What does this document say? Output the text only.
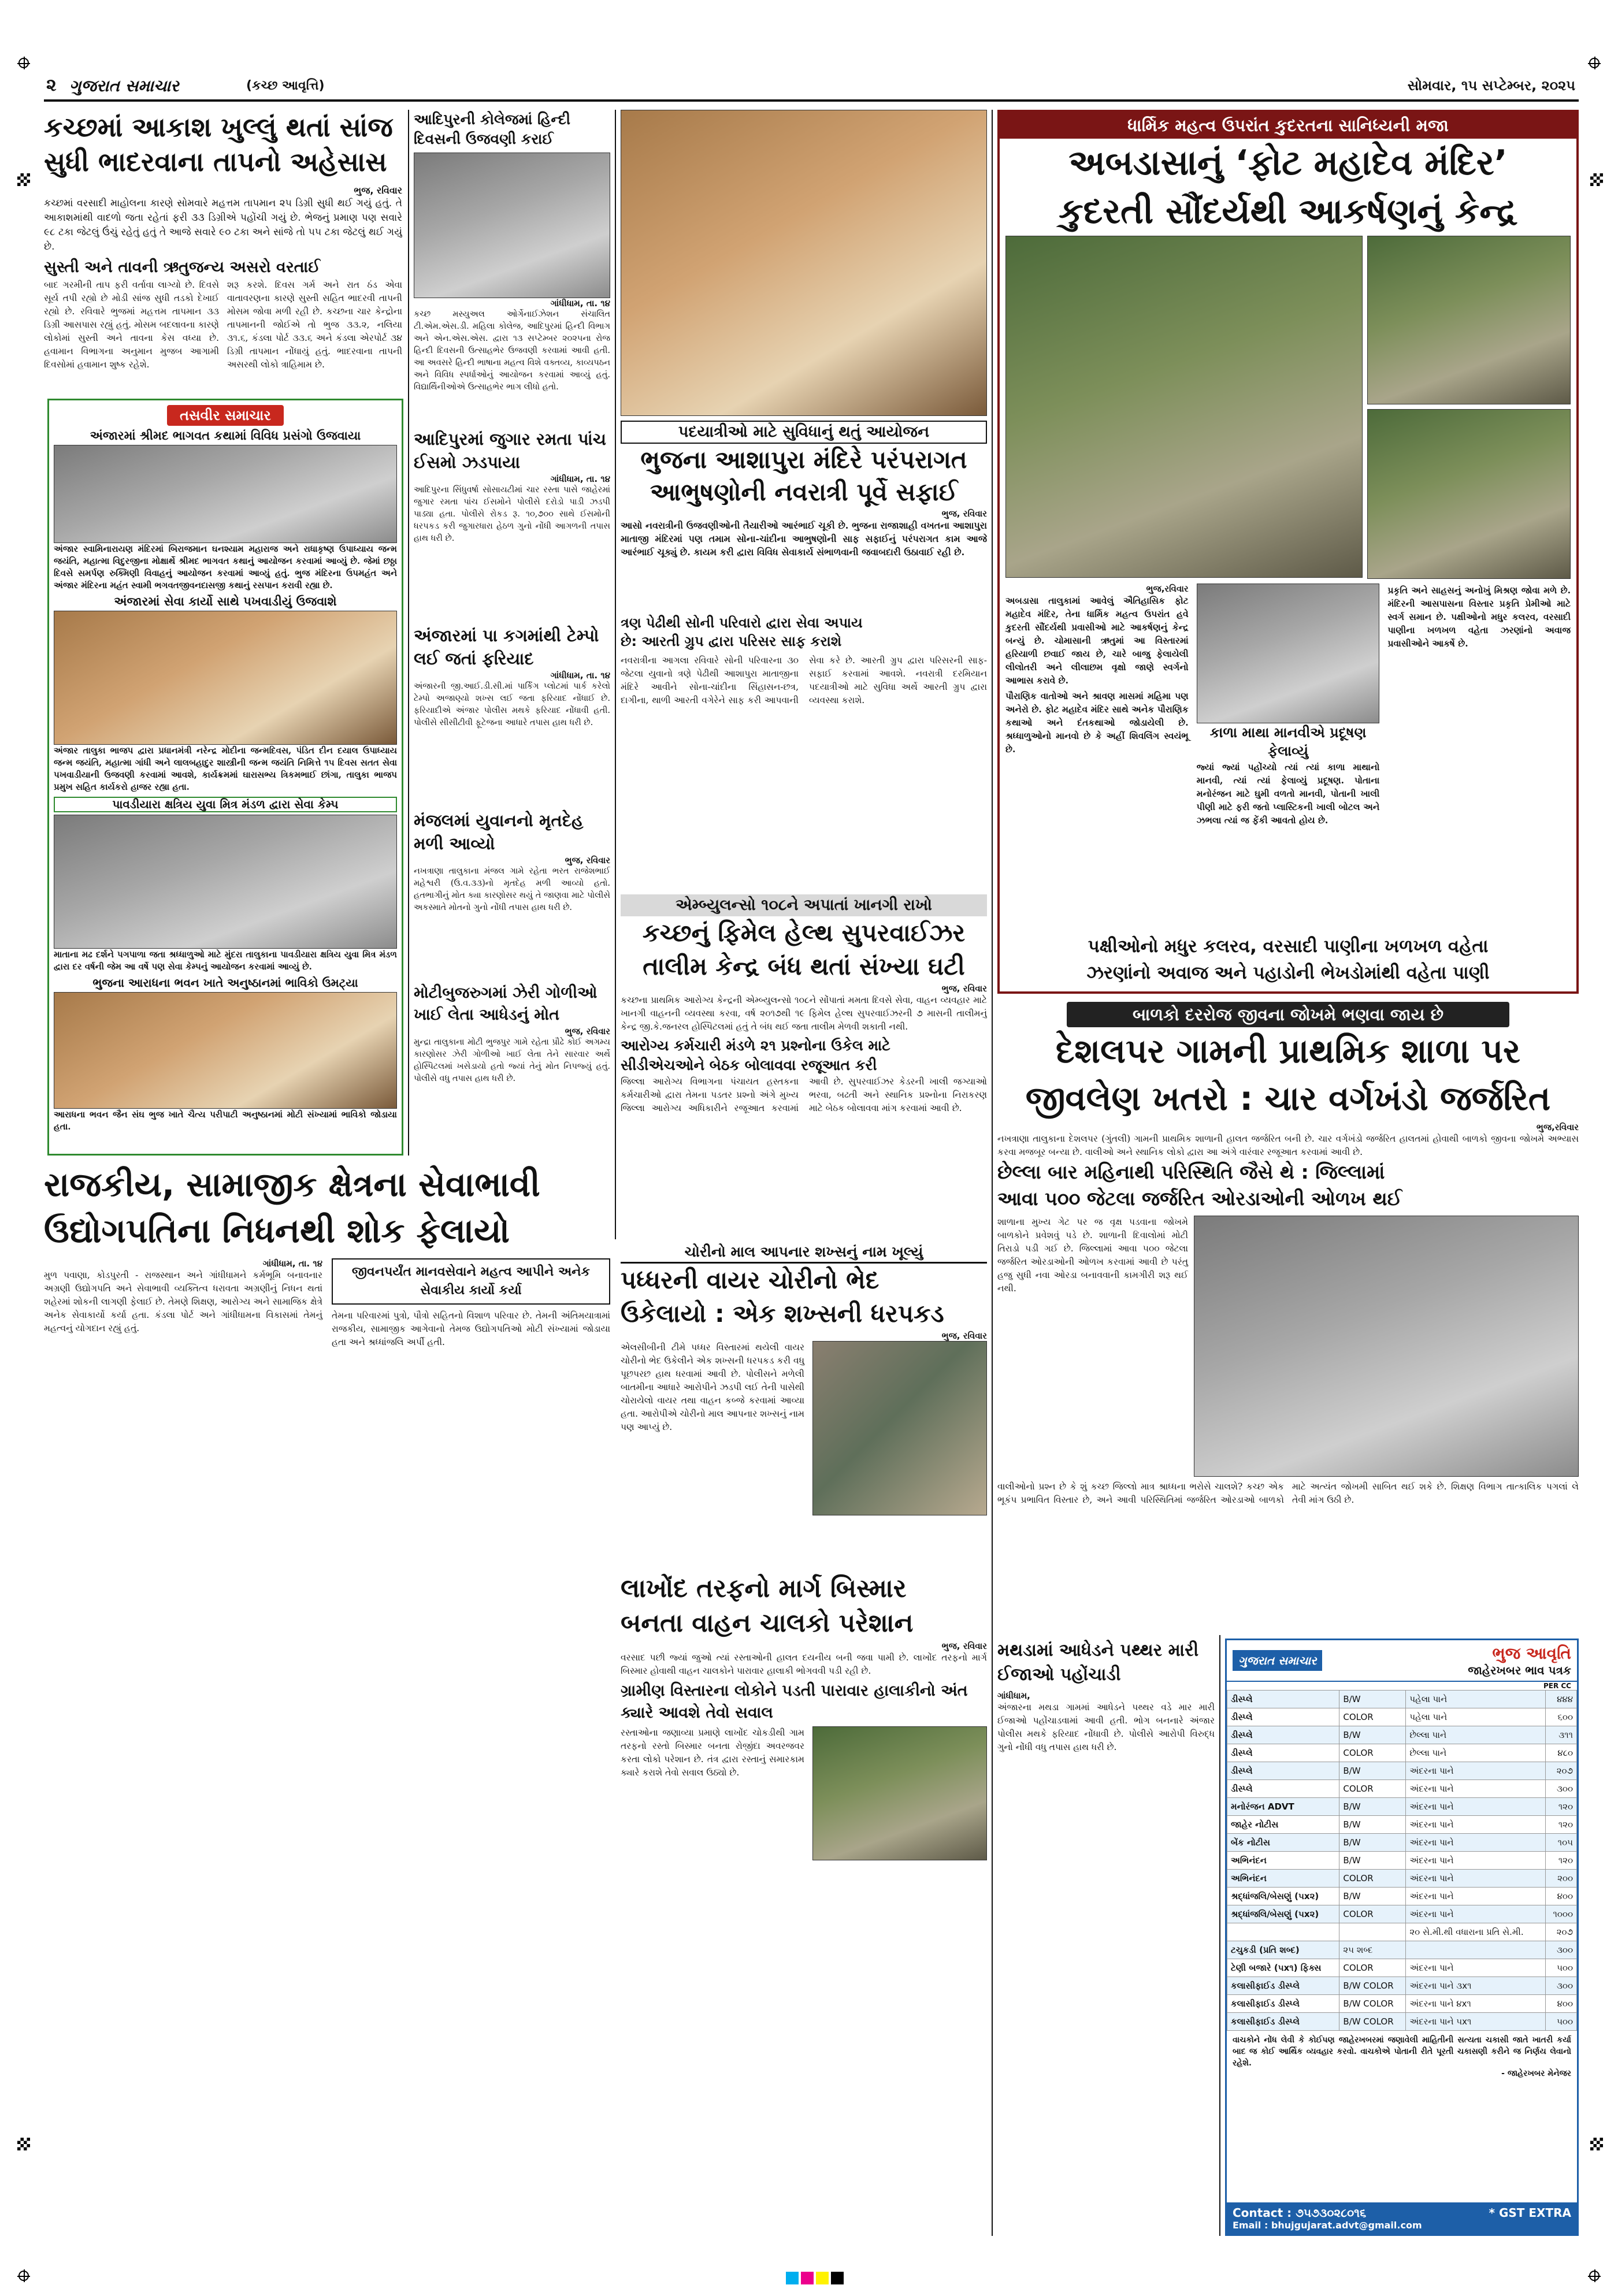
૨ ગુજરાત સમાચાર	(કચ્છ આવૃત્તિ)	સોમવાર, ૧૫ સપ્ટેમ્બર, ૨૦૨૫
કચ્છમાં આકાશ ખુલ્લું થતાં સાંજ
સુધી ભાદરવાના તાપનો અહેસાસ
ભુજ, રવિવાર
કચ્છમાં વરસાદી માહોલના કારણે સોમવારે મહત્તમ તાપમાન ૨૫ ડિગ્રી સુધી થઈ ગયું હતું. તે આકાશમાંથી વાદળો જતા રહેતાં ફરી ૩૩ ડિગ્રીએ પહોંચી ગયું છે. ભેજનું પ્રમાણ પણ સવારે ૯૮ ટકા જેટલું ઉંચું રહેતું હતું તે આજે સવારે ૯૦ ટકા અને સાંજે તો ૫૫ ટકા જેટલું થઈ ગયું છે.
સુસ્તી અને તાવની ઋતુજન્ય અસરો વરતાઈ
બાદ ગરમીની તાપ ફરી વર્તાવા લાગ્યો છે. દિવસે સૂર્ય તપી રહ્યો છે મોડી સાંજ સુધી તડકો દેખાઈ રહ્યો છે. રવિવારે ભુજમાં મહત્તમ તાપમાન ૩૩ ડિગ્રી આસપાસ રહ્યું હતું. મોસમ બદલાવના કારણે લોકોમાં સુસ્તી અને તાવના કેસ વધ્યા છે. હવામાન વિભાગના અનુમાન મુજબ આગામી દિવસોમાં હવામાન શુષ્ક રહેશે.
શરૂ કરશે. દિવસ ગર્મ અને રાત ઠંડ એવા વાતાવરણના કારણે સુસ્તી સહિત ભાદરવી તાપની મોસમ જોવા મળી રહી છે. કચ્છના ચાર કેન્દ્રોના તાપમાનની જોઈએ તો ભુજ ૩૩.૨, નલિયા ૩૧.૬, કંડલા પોર્ટ ૩૩.૬ અને કંડલા એરપોર્ટ ૩૪ ડિગ્રી તાપમાન નોંધાયું હતું. ભાદરવાના તાપની અસરથી લોકો ત્રાહિમામ છે.
તસવીર સમાચાર
અંજારમાં શ્રીમદ ભાગવત કથામાં વિવિધ પ્રસંગો ઉજવાયા
અંજાર સ્વામિનારાયણ મંદિરમાં બિરાજમાન ઘનશ્યામ મહારાજ અને રાધાકૃષ્ણ ઉપાધ્યાય જન્મ જયંતિ, મહાત્મા વિદુરજીના મોક્ષાર્થે શ્રીમદ ભાગવત કથાનું આયોજન કરવામાં આવ્યું છે. જેમાં છઠ્ઠા દિવસે સમર્પણ રુક્મિણી વિવાહનું આયોજન કરવામાં આવ્યું હતું. ભુજ મંદિરના ઉપમહંત અને અંજાર મંદિરના મહંત સ્વામી ભગવતજીવનદાસજી કથાનું રસપાન કરાવી રહ્યા છે.
અંજારમાં સેવા કાર્યો સાથે પખવાડીયું ઉજવાશે
અંજાર તાલુકા ભાજપ દ્વારા પ્રધાનમંત્રી નરેન્દ્ર મોદીના જન્મદિવસ, પંડિત દીન દયાલ ઉપાધ્યાય જન્મ જયંતિ, મહાત્મા ગાંધી અને લાલબહાદુર શાસ્ત્રીની જન્મ જયંતિ નિમિત્તે ૧૫ દિવસ સતત સેવા પખવાડીયાની ઉજવણી કરવામાં આવશે, કાર્યક્રમમાં ઘારાસભ્ય ત્રિકમભાઈ છાંગા, તાલુકા ભાજપ પ્રમુખ સહિત કાર્યકરો હાજર રહ્યા હતા.
પાવડીયારા ક્ષત્રિય યુવા મિત્ર મંડળ દ્વારા સેવા કેમ્પ
માતાના મઢ દર્શને પગપાળા જતા શ્રધ્ધાળુઓ માટે મુંદરા તાલુકાના પાવડીયારા ક્ષત્રિય યુવા મિત્ર મંડળ દ્વારા દર વર્ષની જેમ આ વર્ષે પણ સેવા કેમ્પનું આયોજન કરવામાં આવ્યું છે.
ભુજના આરાધના ભવન ખાતે અનુષ્ઠાનમાં ભાવિકો ઉમટ્યા
આરાધના ભવન જૈન સંઘ ભુજ ખાતે ચૈત્ય પરીપાટી અનુષ્ઠાનમાં મોટી સંખ્યામાં ભાવિકો જોડાયા હતા.
આદિપુરની કોલેજમાં હિન્દી દિવસની ઉજવણી કરાઈ
ગાંધીધામ, તા. ૧૪
કચ્છ મસ્યુઅલ ઓર્ગેનાઈઝેશન સંચાલિત ટી.એમ.એસ.ડી. મહિલા કોલેજ, આદિપુરમાં હિન્દી વિભાગ અને એન.એસ.એસ. દ્વારા ૧૩ સપ્ટેમ્બર ૨૦૨૫ના રોજ હિન્દી દિવસની ઉત્સાહભેર ઉજવણી કરવામાં આવી હતી. આ અવસરે હિન્દી ભાષાના મહત્વ વિશે વક્તવ્ય, કાવ્યપઠન અને વિવિધ સ્પર્ધાઓનું આયોજન કરવામાં આવ્યું હતું. વિદ્યાર્થિનીઓએ ઉત્સાહભેર ભાગ લીધો હતો.
આદિપુરમાં જુગાર રમતા પાંચ ઈસમો ઝડપાયા
ગાંધીધામ, તા. ૧૪
આદિપુરના સિંધુવર્ષા સોસાયટીમાં ચાર રસ્તા પાસે જાહેરમાં જુગાર રમતા પાંચ ઈસમોને પોલીસે દરોડો પાડી ઝડપી પાડ્યા હતા. પોલીસે રોકડ રૂ. ૧૦,૭૦૦ સાથે ઈસમોની ધરપકડ કરી જુગારધારા હેઠળ ગુનો નોંધી આગળની તપાસ હાથ ધરી છે.
અંજારમાં પા કગમાંથી ટેમ્પો લઈ જતાં ફરિયાદ
ગાંધીધામ, તા. ૧૪
અંજારની જી.આઈ.ડી.સી.માં પાર્કિંગ પ્લોટમાં પાર્ક કરેલો ટેમ્પો અજાણ્યો શખ્સ લઈ જતા ફરિયાદ નોંધાઈ છે. ફરિયાદીએ અંજાર પોલીસ મથકે ફરિયાદ નોંધાવી હતી. પોલીસે સીસીટીવી ફૂટેજના આધારે તપાસ હાથ ધરી છે.
મંજલમાં યુવાનનો મૃતદેહ મળી આવ્યો
ભુજ, રવિવાર
નખત્રાણા તાલુકાના મંજલ ગામે રહેતા ભરત રાજેશભાઈ મહેશ્વરી (ઉ.વ.૩૩)નો મૃતદેહ મળી આવ્યો હતો. હતભાગીનું મોત ક્યા કારણોસર થયું તે જાણવા માટે પોલીસે અકસ્માતે મોતનો ગુનો નોંધી તપાસ હાથ ધરી છે.
મોટીબુજરુગમાં ઝેરી ગોળીઓ ખાઈ લેતા આધેડનું મોત
ભુજ, રવિવાર
મુન્દ્રા તાલુકાના મોટી ભુજપુર ગામે રહેતા પ્રૌઢે કોઈ અગમ્ય કારણોસર ઝેરી ગોળીઓ ખાઈ લેતા તેને સારવાર અર્થે હોસ્પિટલમાં ખસેડાયો હતો જ્યાં તેનું મોત નિપજ્યું હતું. પોલીસે વધુ તપાસ હાથ ધરી છે.
પદયાત્રીઓ માટે સુવિધાનું થતું આયોજન
ભુજના આશાપુરા મંદિરે પરંપરાગત
આભુષણોની નવરાત્રી પૂર્વે સફાઈ
ભુજ, રવિવાર
આસો નવરાત્રીની ઉજવણીઓની તૈયારીઓ આરંભાઈ ચૂકી છે. ભુજના રાજાશાહી વખતના આશાપુરા માતાજી મંદિરમાં પણ તમામ સોના-ચાંદીના આભુષણોની સાફ સફાઈનું પરંપરાગત કામ આજે આરંભાઈ ચૂક્યું છે. કાયમ કરી દ્વારા વિવિધ સેવાકાર્ય સંભાળવાની જવાબદારી ઉઠાવાઈ રહી છે.
ત્રણ પેઢીથી સોની પરિવારો દ્વારા સેવા અપાય
છે: આરતી ગ્રુપ દ્વારા પરિસર સાફ કરાશે
નવરાત્રીના આગલા રવિવારે સોની પરિવારના ૩૦ જેટલા યુવાનો ત્રણે પેઢીથી આશાપુરા માતાજીના મંદિરે આવીને સોના-ચાંદીના સિંહાસન-છત્ર, દાગીના, થાળી આરતી વગેરેને સાફ કરી આપવાની સેવા કરે છે. આરતી ગ્રુપ દ્વારા પરિસરની સાફ-સફાઈ કરવામાં આવશે. નવરાત્રી દરમિયાન પદયાત્રીઓ માટે સુવિધા અર્થે આરતી ગ્રુપ દ્વારા વ્યવસ્થા કરાશે.
એમ્બ્યુલન્સો ૧૦૮ને અપાતાં ખાનગી રાખો
કચ્છનું ફિમેલ હેલ્થ સુપરવાઈઝર
તાલીમ કેન્દ્ર બંધ થતાં સંખ્યા ઘટી
ભુજ, રવિવાર
કચ્છના પ્રાથમિક આરોગ્ય કેન્દ્રની એમ્બ્યુલન્સો ૧૦૮ને સોંપાતાં મમતા દિવસે સેવા, વાહન વ્યવહાર માટે ખાનગી વાહનની વ્યવસ્થા કરવા, વર્ષ ૨૦૧૭થી ૧૯ ફિમેલ હેલ્થ સુપરવાઈઝરની ૭ માસની તાલીમનું કેન્દ્ર જી.કે.જનરલ હોસ્પિટલમાં હતું તે બંધ થઈ જતા તાલીમ મેળવી શકાતી નથી.
આરોગ્ય કર્મચારી મંડળે ૨૧ પ્રશ્નોના ઉકેલ માટે
સીડીએચઓને બેઠક બોલાવવા રજૂઆત કરી
જિલ્લા આરોગ્ય વિભાગના પંચાયત હસ્તકના કર્મચારીઓ દ્વારા તેમના પડતર પ્રશ્નો અંગે મુખ્ય જિલ્લા આરોગ્ય અધિકારીને રજૂઆત કરવામાં આવી છે. સુપરવાઈઝર કેડરની ખાલી જગ્યાઓ ભરવા, બઢતી અને સ્થાનિક પ્રશ્નોના નિરાકરણ માટે બેઠક બોલાવવા માંગ કરવામાં આવી છે.
ચોરીનો માલ આપનાર શખ્સનું નામ ખૂલ્યું
પધ્ધરની વાયર ચોરીનો ભેદ
ઉકેલાયો : એક શખ્સની ધરપકડ
ભુજ, રવિવાર
એલસીબીની ટીમે પધ્ધર વિસ્તારમાં થયેલી વાયર ચોરીનો ભેદ ઉકેલીને એક શખ્સની ધરપકડ કરી વધુ પૂછપરછ હાથ ધરવામાં આવી છે. પોલીસને મળેલી બાતમીના આધારે આરોપીને ઝડપી લઈ તેની પાસેથી ચોરાયેલો વાયર તથા વાહન કબ્જે કરવામાં આવ્યા હતા. આરોપીએ ચોરીનો માલ આપનાર શખ્સનું નામ પણ આપ્યું છે.
લાખોંદ તરફનો માર્ગ બિસ્માર
બનતા વાહન ચાલકો પરેશાન
ભુજ, રવિવાર
વરસાદ પછી જ્યાં જુઓ ત્યાં રસ્તાઓની હાલત દયનીય બની જવા પામી છે. લાખોંદ તરફનો માર્ગ બિસ્માર હોવાથી વાહન ચાલકોને પારાવાર હાલાકી ભોગવવી પડી રહી છે.
ગ્રામીણ વિસ્તારના લોકોને પડતી પારાવાર હાલાકીનો અંત ક્યારે આવશે તેવો સવાલ
રસ્તાઓના જણાવ્યા પ્રમાણે લાખોંદ ચોકડીથી ગામ તરફનો રસ્તો બિસ્માર બનતા રોજીંદા અવરજવર કરતા લોકો પરેશાન છે. તંત્ર દ્વારા રસ્તાનું સમારકામ ક્યારે કરાશે તેવો સવાલ ઉઠ્યો છે.
રાજકીય, સામાજીક ક્ષેત્રના સેવાભાવી
ઉદ્યોગપતિના નિધનથી શોક ફેલાયો
ગાંધીધામ, તા. ૧૪
મુળ પવાણા, કોડપુરતી - રાજસ્થાન અને ગાંધીધામને કર્મભૂમિ બનાવનાર અગ્રણી ઉદ્યોગપતિ અને સેવાભાવી વ્યક્તિત્વ ધરાવતા અગ્રણીનું નિધન થતાં શહેરમાં શોકની લાગણી ફેલાઈ છે. તેમણે શિક્ષણ, આરોગ્ય અને સામાજિક ક્ષેત્રે અનેક સેવાકાર્યો કર્યા હતા. કંડલા પોર્ટ અને ગાંધીધામના વિકાસમાં તેમનું મહત્વનું યોગદાન રહ્યું હતું.
જીવનપર્યંત માનવસેવાને મહત્વ આપીને અનેક સેવાકીય કાર્યો કર્યા
તેમના પરિવારમાં પુત્રો, પૌત્રો સહિતનો વિશાળ પરિવાર છે. તેમની અંતિમયાત્રામાં રાજકીય, સામાજીક આગેવાનો તેમજ ઉદ્યોગપતિઓ મોટી સંખ્યામાં જોડાયા હતા અને શ્રધ્ધાંજલિ અર્પી હતી.
ધાર્મિક મહત્વ ઉપરાંત કુદરતના સાનિધ્યની મજા
અબડાસાનું ‘ફોટ મહાદેવ મંદિર’
કુદરતી સૌંદર્યથી આકર્ષણનું કેન્દ્ર
ભુજ,રવિવાર
અબડાસા તાલુકામાં આવેલું ઐતિહાસિક ફોટ મહાદેવ મંદિર, તેના ધાર્મિક મહત્વ ઉપરાંત હવે કુદરતી સૌંદર્યથી પ્રવાસીઓ માટે આકર્ષણનું કેન્દ્ર બન્યું છે. ચોમાસાની ઋતુમાં આ વિસ્તારમાં હરિયાળી છવાઈ જાય છે, ચારે બાજુ ફેલાયેલી લીલોતરી અને લીલાછમ વૃક્ષો જાણે સ્વર્ગનો આભાસ કરાવે છે.
પૌરાણિક વાતોઓ અને શ્રાવણ માસમાં મહિમા પણ અનેરો છે. ફોટ મહાદેવ મંદિર સાથે અનેક પૌરાણિક કથાઓ અને દંતકથાઓ જોડાયેલી છે. શ્રધ્ધાળુઓનો માનવો છે કે અહીં શિવલિંગ સ્વયંભૂ છે.
કાળા માથા માનવીએ પ્રદૂષણ ફેલાવ્યું
જ્યાં જ્યાં પહોંચ્યો ત્યાં ત્યાં કાળા માથાનો માનવી, ત્યાં ત્યાં ફેલાવ્યું પ્રદૂષણ. પોતાના મનોરંજન માટે ઘુમી વળતો માનવી, પોતાની ખાલી પીણી માટે ફરી જતો પ્લાસ્ટિકની ખાલી બોટલ અને ઝભલા ત્યાં જ ફેંકી આવતો હોય છે.
પ્રકૃતિ અને સાહસનું અનોખું મિશ્રણ જોવા મળે છે. મંદિરની આસપાસના વિસ્તાર પ્રકૃતિ પ્રેમીઓ માટે સ્વર્ગ સમાન છે. પક્ષીઓનો મધુર કલરવ, વરસાદી પાણીના ખળખળ વહેતા ઝરણાંનો અવાજ પ્રવાસીઓને આકર્ષે છે.
પક્ષીઓનો મધુર કલરવ, વરસાદી પાણીના ખળખળ વહેતા
ઝરણાંનો અવાજ અને પહાડોની ભેખડોમાંથી વહેતા પાણી
બાળકો દરરોજ જીવના જોખમે ભણવા જાય છે
દેશલપર ગામની પ્રાથમિક શાળા પર
જીવલેણ ખતરો : ચાર વર્ગખંડો જર્જરિત
ભુજ,રવિવાર
નખત્રાણા તાલુકાના દેશલપર (ગુંતલી) ગામની પ્રાથમિક શાળાની હાલત જર્જરિત બની છે. ચાર વર્ગખંડો જર્જરિત હાલતમાં હોવાથી બાળકો જીવના જોખમે અભ્યાસ કરવા મજબૂર બન્યા છે. વાલીઓ અને સ્થાનિક લોકો દ્વારા આ અંગે વારંવાર રજૂઆત કરવામાં આવી છે.
છેલ્લા બાર મહિનાથી પરિસ્થિતિ જૈસે થે : જિલ્લામાં
આવા ૫૦૦ જેટલા જર્જરિત ઓરડાઓની ઓળખ થઈ
શાળાના મુખ્ય ગેટ પર જ વૃક્ષ પડવાના જોખમે બાળકોને પ્રવેશવું પડે છે. શાળાની દિવાલોમાં મોટી તિરાડો પડી ગઈ છે. જિલ્લામાં આવા ૫૦૦ જેટલા જર્જરિત ઓરડાઓની ઓળખ કરવામાં આવી છે પરંતુ હજુ સુધી નવા ઓરડા બનાવવાની કામગીરી શરૂ થઈ નથી.
વાલીઓનો પ્રશ્ન છે કે શું કચ્છ જિલ્લો માત્ર શ્રાધ્ધના ભરોસે ચાલશે? કચ્છ એક ભૂકંપ પ્રભાવિત વિસ્તાર છે, અને આવી પરિસ્થિતિમાં જર્જરિત ઓરડાઓ બાળકો માટે અત્યંત જોખમી સાબિત થઈ શકે છે. શિક્ષણ વિભાગ તાત્કાલિક પગલાં લે તેવી માંગ ઉઠી છે.
મથડામાં આધેડને પથ્થર મારી ઈજાઓ પહોંચાડી
ગાંધીધામ,
અંજારના મથડા ગામમાં આધેડને પથ્થર વડે માર મારી ઈજાઓ પહોંચાડવામાં આવી હતી. ભોગ બનનારે અંજાર પોલીસ મથકે ફરિયાદ નોંધાવી છે. પોલીસે આરોપી વિરુદ્ધ ગુનો નોંધી વધુ તપાસ હાથ ધરી છે.
ગુજરાત સમાચાર	ભુજ આવૃતિ
જાહેરખબર ભાવ પત્રક
PER CC
ડીસ્પ્લે	B/W	પહેલા પાને	૪૪૪
ડીસ્પ્લે	COLOR	પહેલા પાને	૬૦૦
ડીસ્પ્લે	B/W	છેલ્લા પાને	૩૧૧
ડીસ્પ્લે	COLOR	છેલ્લા પાને	૪૮૦
ડીસ્પ્લે	B/W	અંદરના પાને	૨૦૭
ડીસ્પ્લે	COLOR	અંદરના પાને	૩૦૦
મનોરંજન ADVT	B/W	અંદરના પાને	૧૨૦
જાહેર નોટીસ	B/W	અંદરના પાને	૧૨૦
બેંક નોટીસ	B/W	અંદરના પાને	૧૦૫
અભિનંદન	B/W	અંદરના પાને	૧૨૦
અભિનંદન	COLOR	અંદરના પાને	૨૦૦
શ્રદ્ધાંજલિ/બેસણું (૫x૨)	B/W	અંદરના પાને	૪૦૦
શ્રદ્ધાંજલિ/બેસણું (૫x૨)	COLOR	અંદરના પાને	૧૦૦૦
		૨૦ સે.મી.થી વધારાના પ્રતિ સે.મી.	૨૦૭
ટચુકડી (પ્રતિ શબ્દ)	૨૫ શબ્દ		૩૦૦
ટેણી બજારે (૫x૧) ફિક્સ	COLOR	અંદરના પાને	૫૦૦
કલાસીફાઈડ ડીસ્પ્લે	B/W COLOR	અંદરના પાને ૩x૧	૩૦૦
કલાસીફાઈડ ડીસ્પ્લે	B/W COLOR	અંદરના પાને ૪x૧	૪૦૦
કલાસીફાઈડ ડીસ્પ્લે	B/W COLOR	અંદરના પાને ૫x૧	૫૦૦
વાચકોને નોંધ લેવી કે કોઈપણ જાહેરખબરમાં જણાવેલી માહિતીની સત્યતા ચકાસી જાતે ખાતરી કર્યા બાદ જ કોઈ આર્થિક વ્યવહાર કરવો. વાચકોએ પોતાની રીતે પૂરતી ચકાસણી કરીને જ નિર્ણય લેવાનો રહેશે.
- જાહેરખબર મેનેજર
Contact : ૭૫૭૩૦૨૮૦૧૬	* GST EXTRA
Email : bhujgujarat.advt@gmail.com
